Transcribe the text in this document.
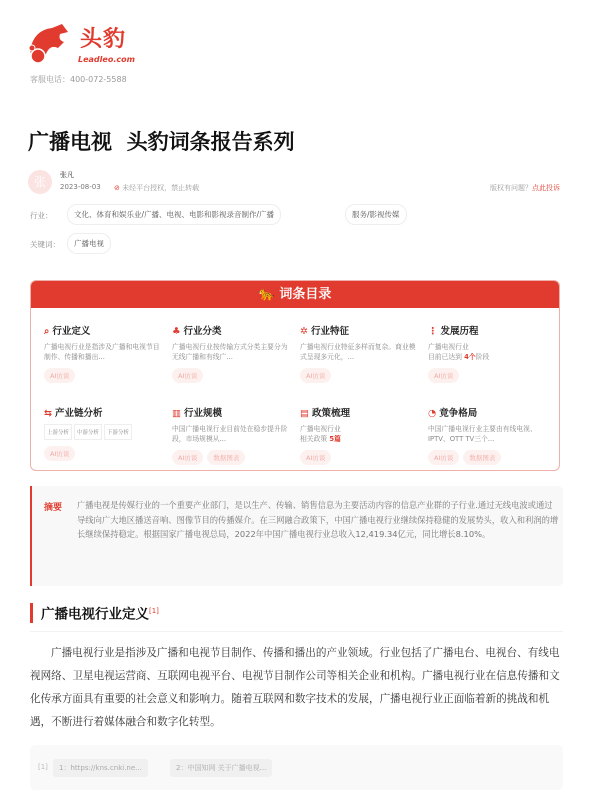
头豹
Leadleo.com
客服电话：400-072-5588
广播电视  头豹词条报告系列
张	张凡
2023-08-03 ⊘ 未经平台授权，禁止转载	版权有问题？点此投诉
行业：	文化、体育和娱乐业/广播、电视、电影和影视录音制作/广播	服务/影视传媒
关键词：	广播电视
🐆 词条目录
⌕ 行业定义
广播电视行业是指涉及广播和电视节目制作、传播和播出...
AI访谈
♣ 行业分类
广播电视行业按传输方式分类主要分为无线广播和有线广...
AI访谈
✲ 行业特征
广播电视行业特征多样而复杂。商业模式呈现多元化，...
AI访谈
⋮ 发展历程
广播电视行业
目前已达到 4个阶段
AI访谈
⇆ 产业链分析
上游分析 中游分析 下游分析
AI访谈
▥ 行业规模
中国广播电视行业目前处在稳步提升阶段，市场规模从...
AI访谈 数据图表
▤ 政策梳理
广播电视行业
相关政策 5篇
AI访谈
◔ 竞争格局
中国广播电视行业主要由有线电视、IPTV、OTT TV三个...
AI访谈 数据图表
摘要 广播电视是传媒行业的一个重要产业部门，是以生产、传输、销售信息为主要活动内容的信息产业群的子行业.通过无线电波或通过导线向广大地区播送音响、图像节目的传播媒介。在三网融合政策下，中国广播电视行业继续保持稳健的发展势头，收入和利润的增长继续保持稳定。根据国家广播电视总局，2022年中国广播电视行业总收入12,419.34亿元，同比增长8.10%。
广播电视行业定义[1]
广播电视行业是指涉及广播和电视节目制作、传播和播出的产业领域。行业包括了广播电台、电视台、有线电视网络、卫星电视运营商、互联网电视平台、电视节目制作公司等相关企业和机构。广播电视行业在信息传播和文化传承方面具有重要的社会意义和影响力。随着互联网和数字技术的发展，广播电视行业正面临着新的挑战和机遇，不断进行着媒体融合和数字化转型。
[1]	1：https://kns.cnki.ne...	2：中国知网 关于广播电视...
